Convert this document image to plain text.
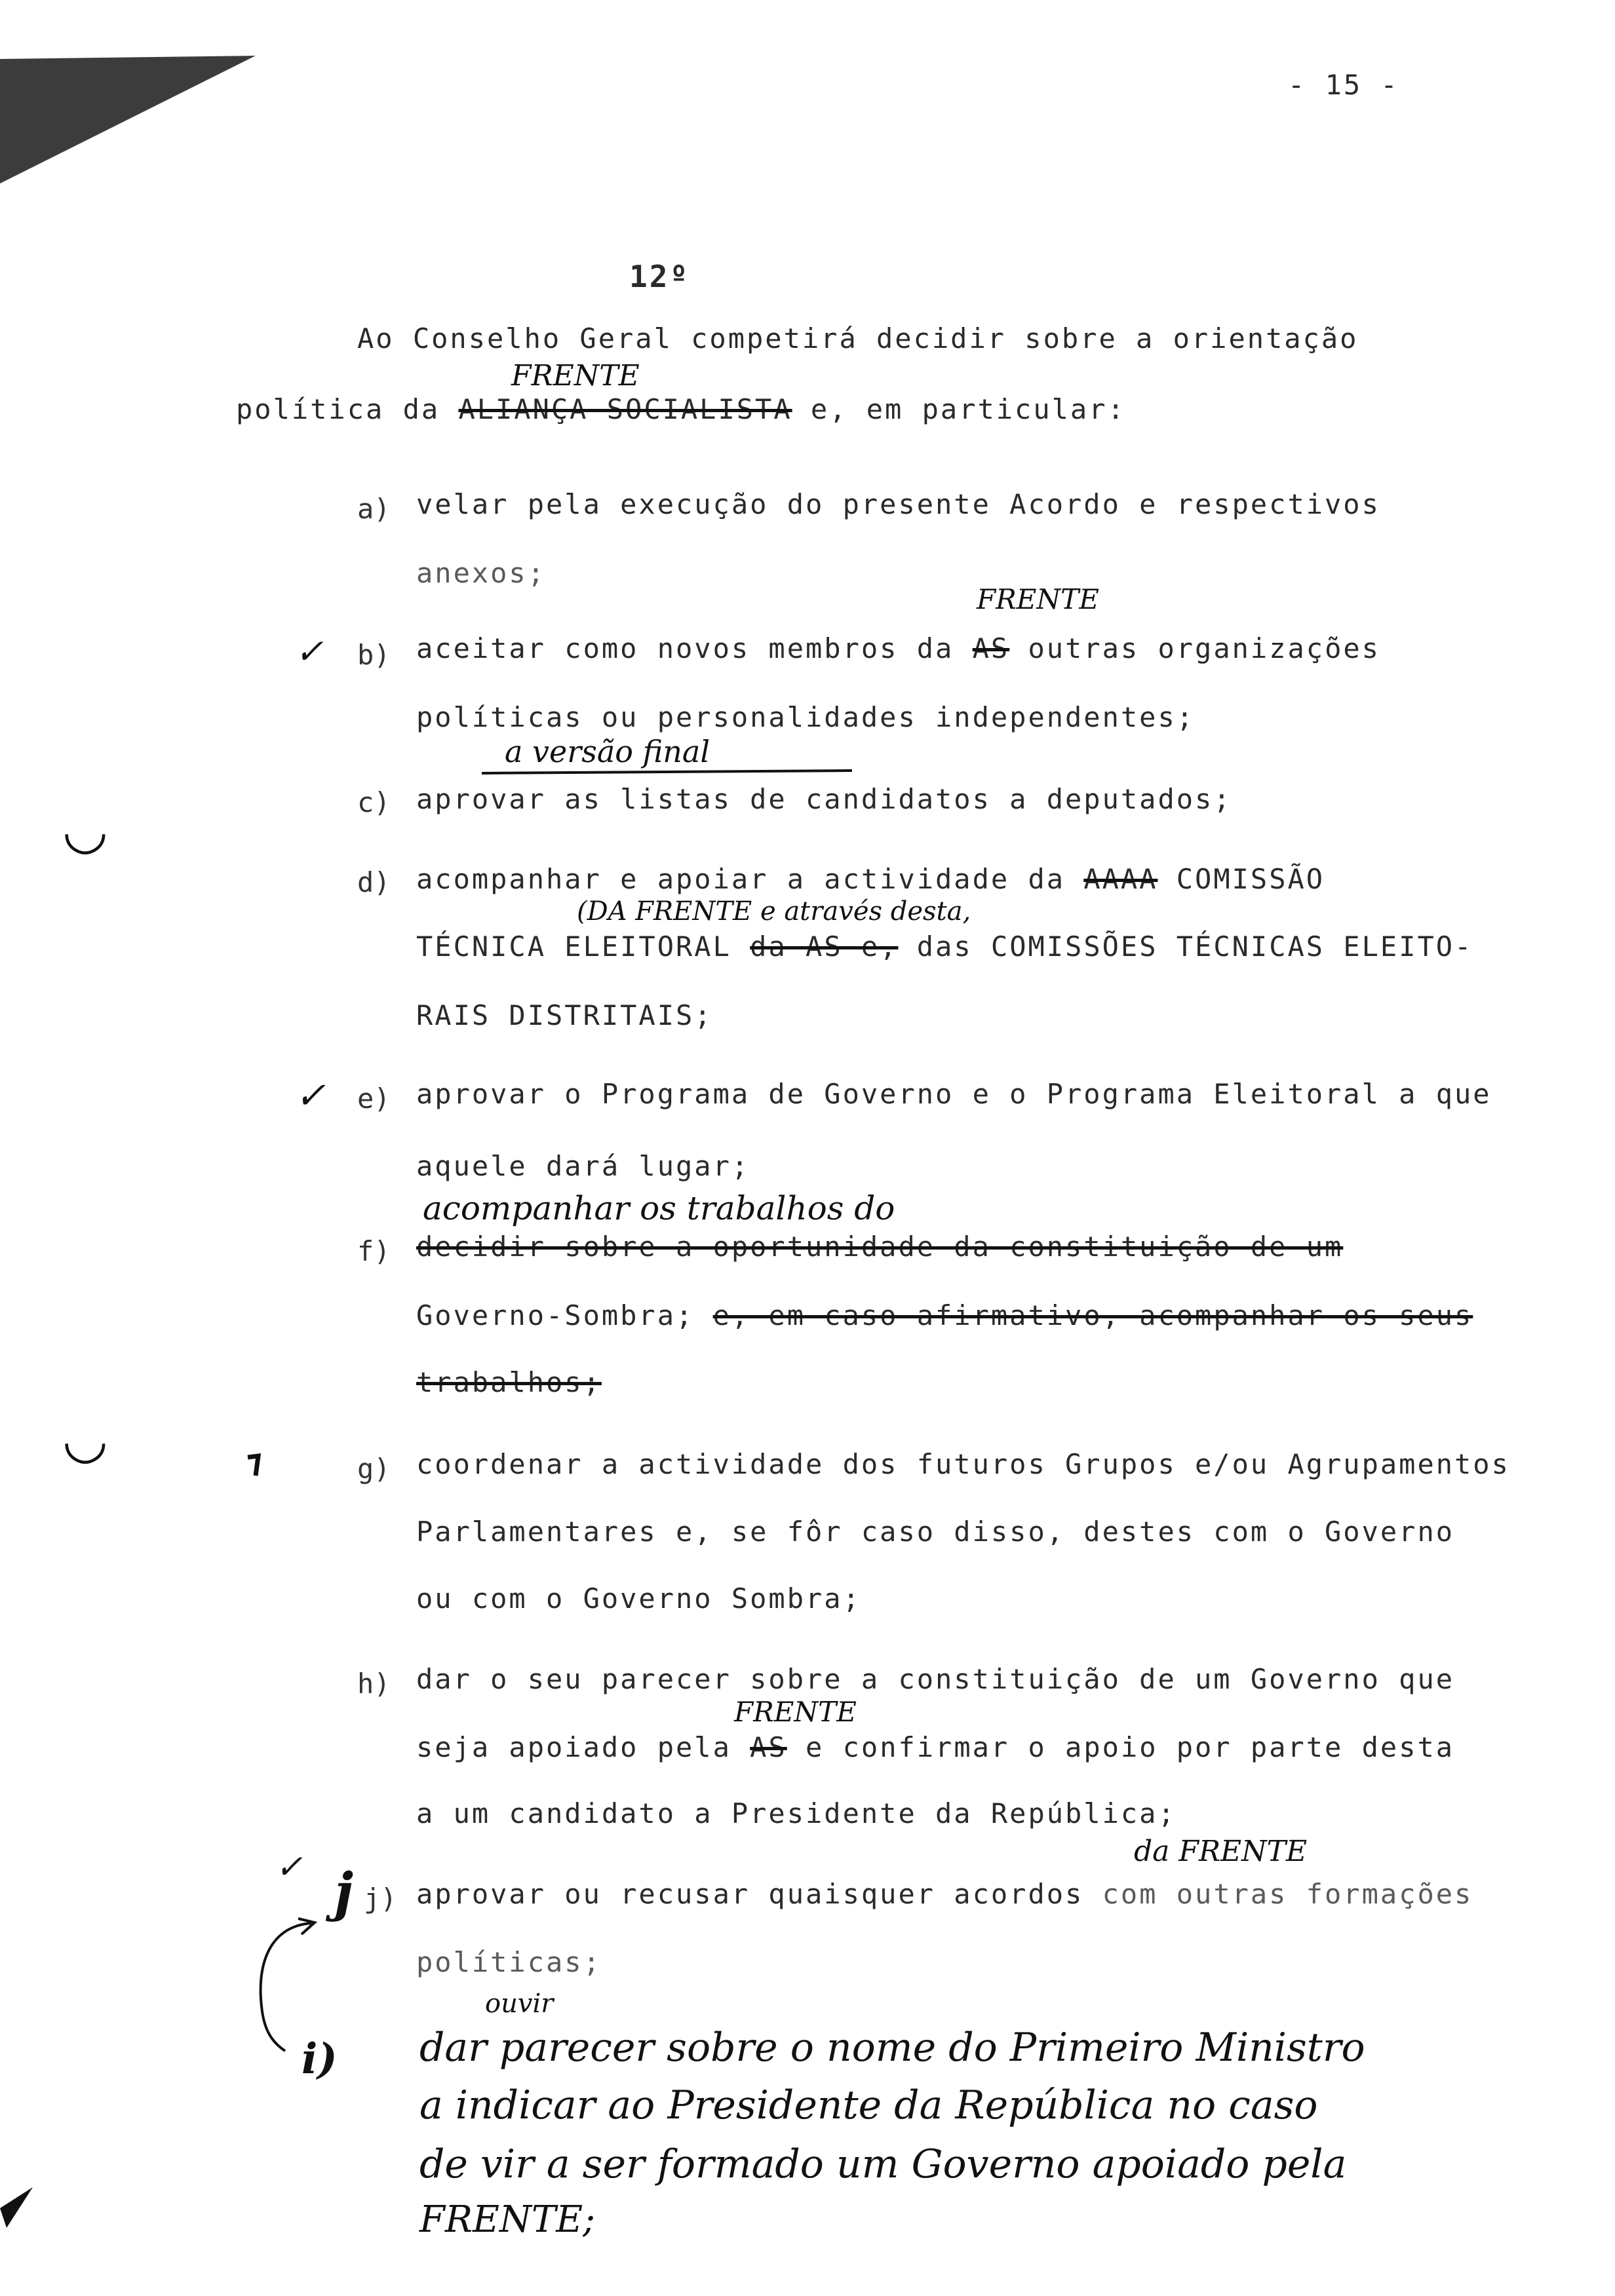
- 15 -
12º
Ao Conselho Geral competirá decidir sobre a orientação
FRENTE
política da ALIANÇA SOCIALISTA e, em particular:
a) velar pela execução do presente Acordo e respectivos
anexos;
FRENTE
✓ b) aceitar como novos membros da AS outras organizações
políticas ou personalidades independentes;
a versão final
◡	c) aprovar as listas de candidatos a deputados;
d) acompanhar e apoiar a actividade da AAAA COMISSÃO
(DA FRENTE e através desta,
TÉCNICA ELEITORAL da AS e, das COMISSÕES TÉCNICAS ELEITO-
RAIS DISTRITAIS;
✓ e) aprovar o Programa de Governo e o Programa Eleitoral a que
aquele dará lugar;
acompanhar os trabalhos do
f) decidir sobre a oportunidade da constituição de um
Governo-Sombra; e, em caso afirmativo, acompanhar os seus
trabalhos;
◡	g) coordenar a actividade dos futuros Grupos e/ou Agrupamentos
Parlamentares e, se fôr caso disso, destes com o Governo
ou com o Governo Sombra;
h) dar o seu parecer sobre a constituição de um Governo que
FRENTE
seja apoiado pela AS e confirmar o apoio por parte desta
a um candidato a Presidente da República;
da FRENTE
✓ j j) aprovar ou recusar quaisquer acordos com outras formações
políticas;
i)
ouvir
dar parecer sobre o nome do Primeiro Ministro
a indicar ao Presidente da República no caso
de vir a ser formado um Governo apoiado pela
FRENTE;
